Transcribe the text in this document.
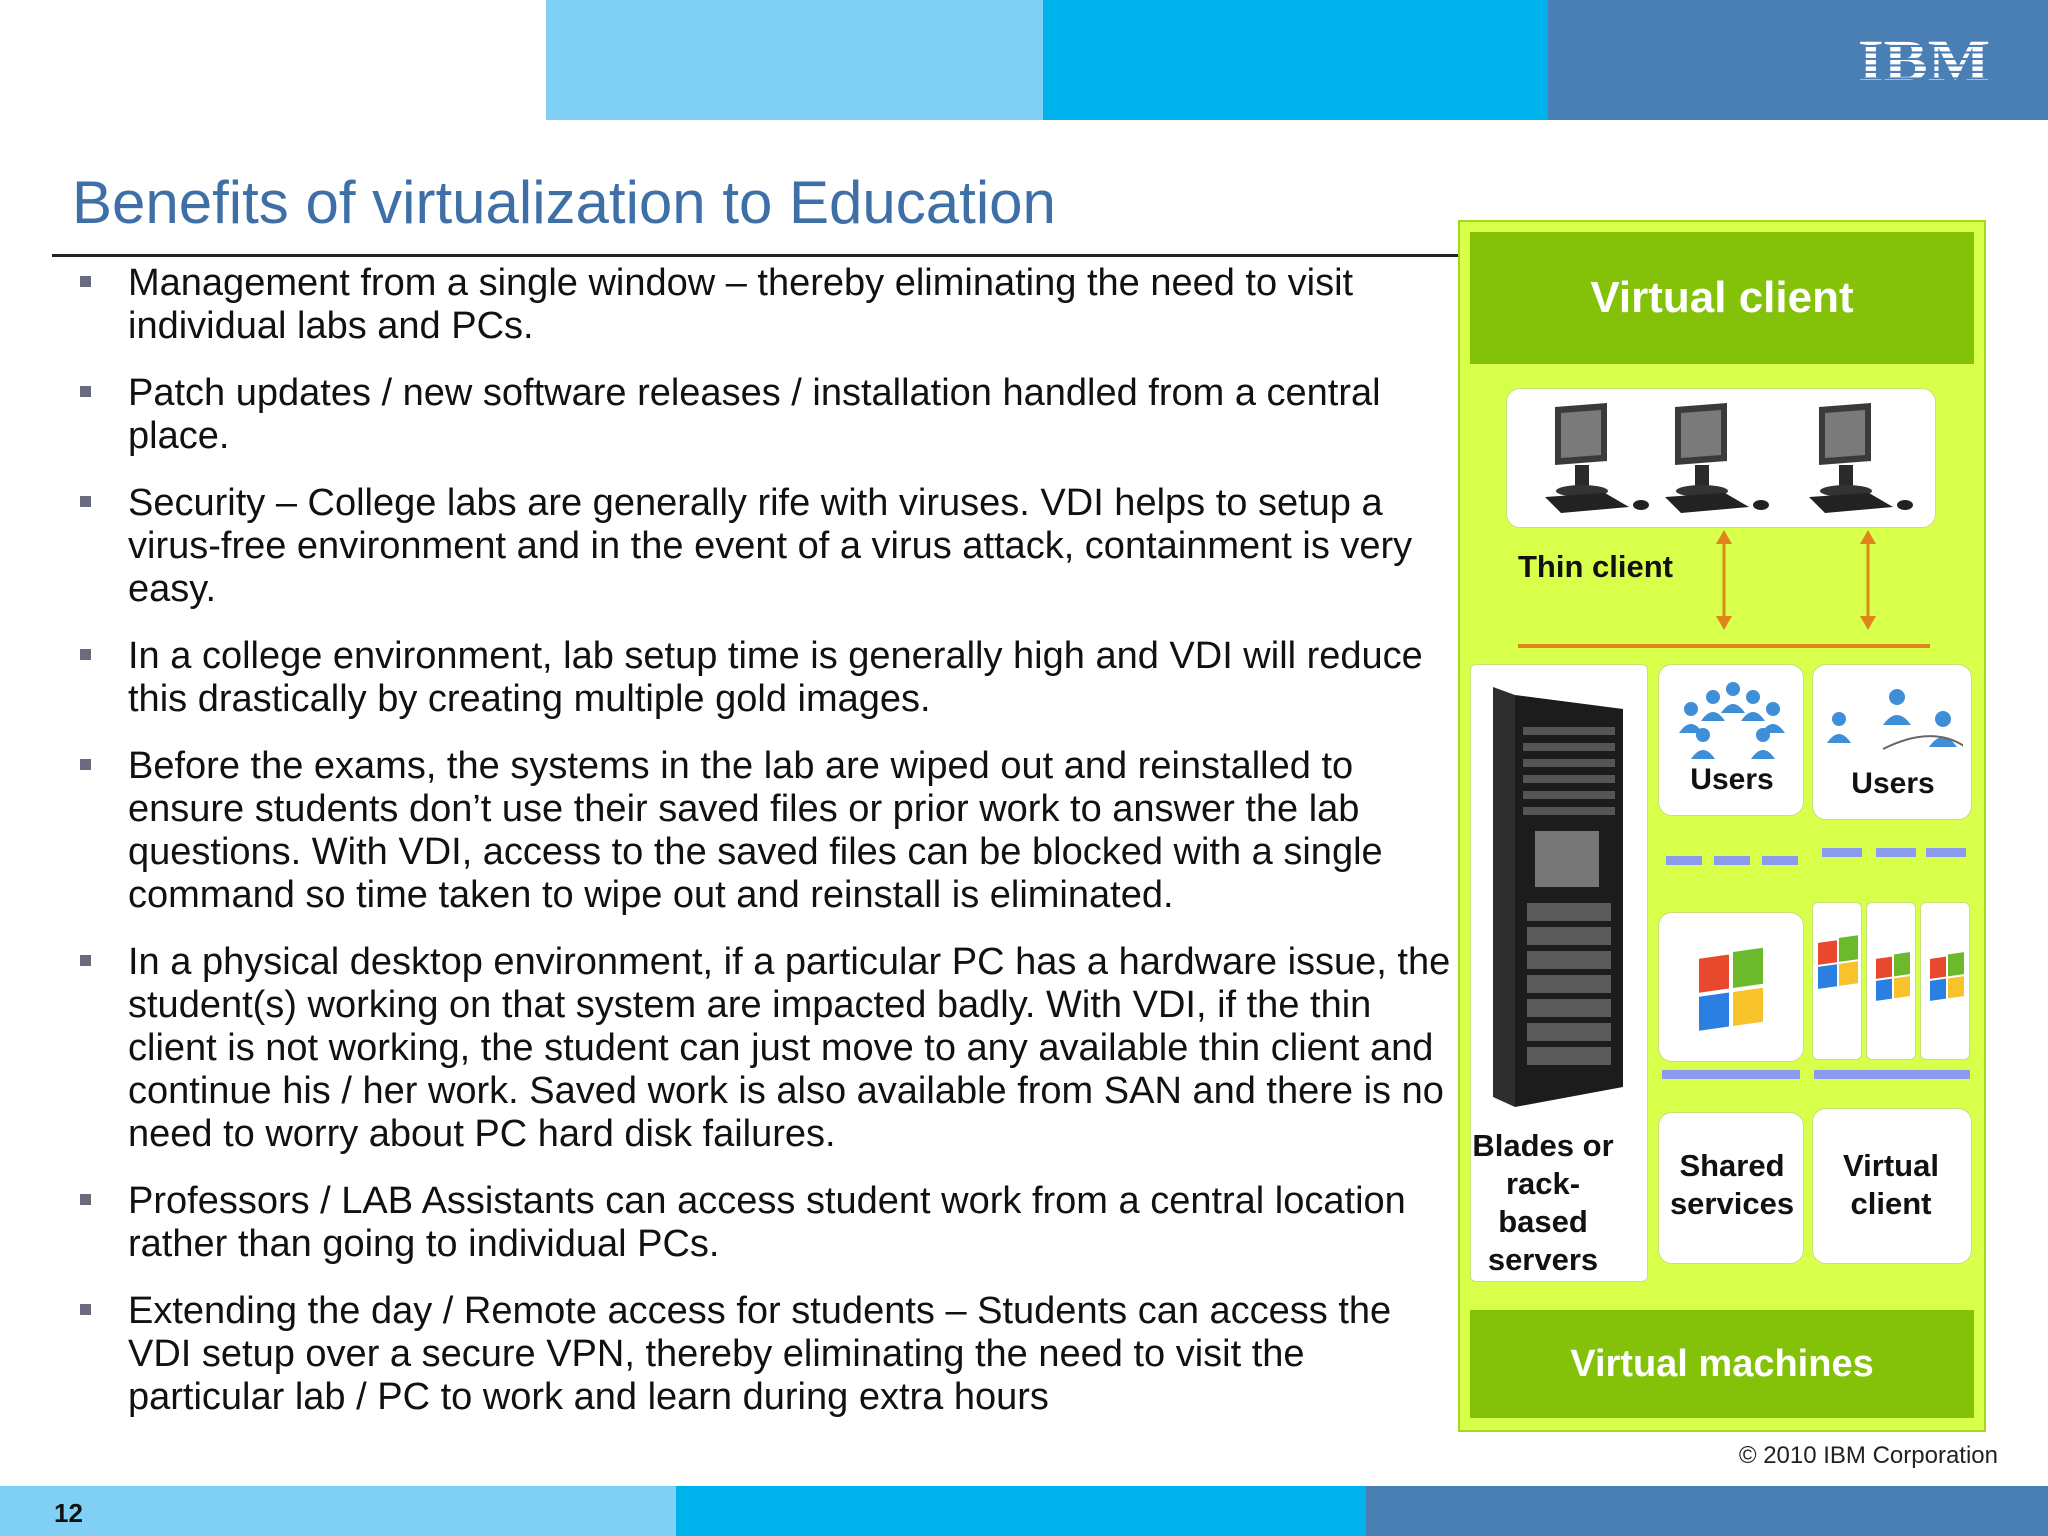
IBM
Benefits of virtualization to Education
Management from a single window – thereby eliminating the need to visit individual labs and PCs.
Patch updates / new software releases / installation handled from a central place.
Security – College labs are generally rife with viruses. VDI helps to setup a virus-free environment and in the event of a virus attack, containment is very easy.
In a college environment, lab setup time is generally high and VDI will reduce this drastically by creating multiple gold images.
Before the exams, the systems in the lab are wiped out and reinstalled to ensure students don’t use their saved files or prior work to answer the lab questions. With VDI, access to the saved files can be blocked with a single command so time taken to wipe out and reinstall is eliminated.
In a physical desktop environment, if a particular PC has a hardware issue, the student(s) working on that system are impacted badly. With VDI, if the thin client is not working, the student can just move to any available thin client and continue his / her work. Saved work is also available from SAN and there is no need to worry about PC hard disk failures.
Professors / LAB Assistants can access student work from a central location rather than going to individual PCs.
Extending the day / Remote access for students – Students can access the VDI setup over a secure VPN, thereby eliminating the need to visit the particular lab / PC to work and learn during extra hours
Virtual client
Thin client
Blades or rack-based servers
Users	Users
Shared services
Virtual client
Virtual machines
© 2010 IBM Corporation
12
